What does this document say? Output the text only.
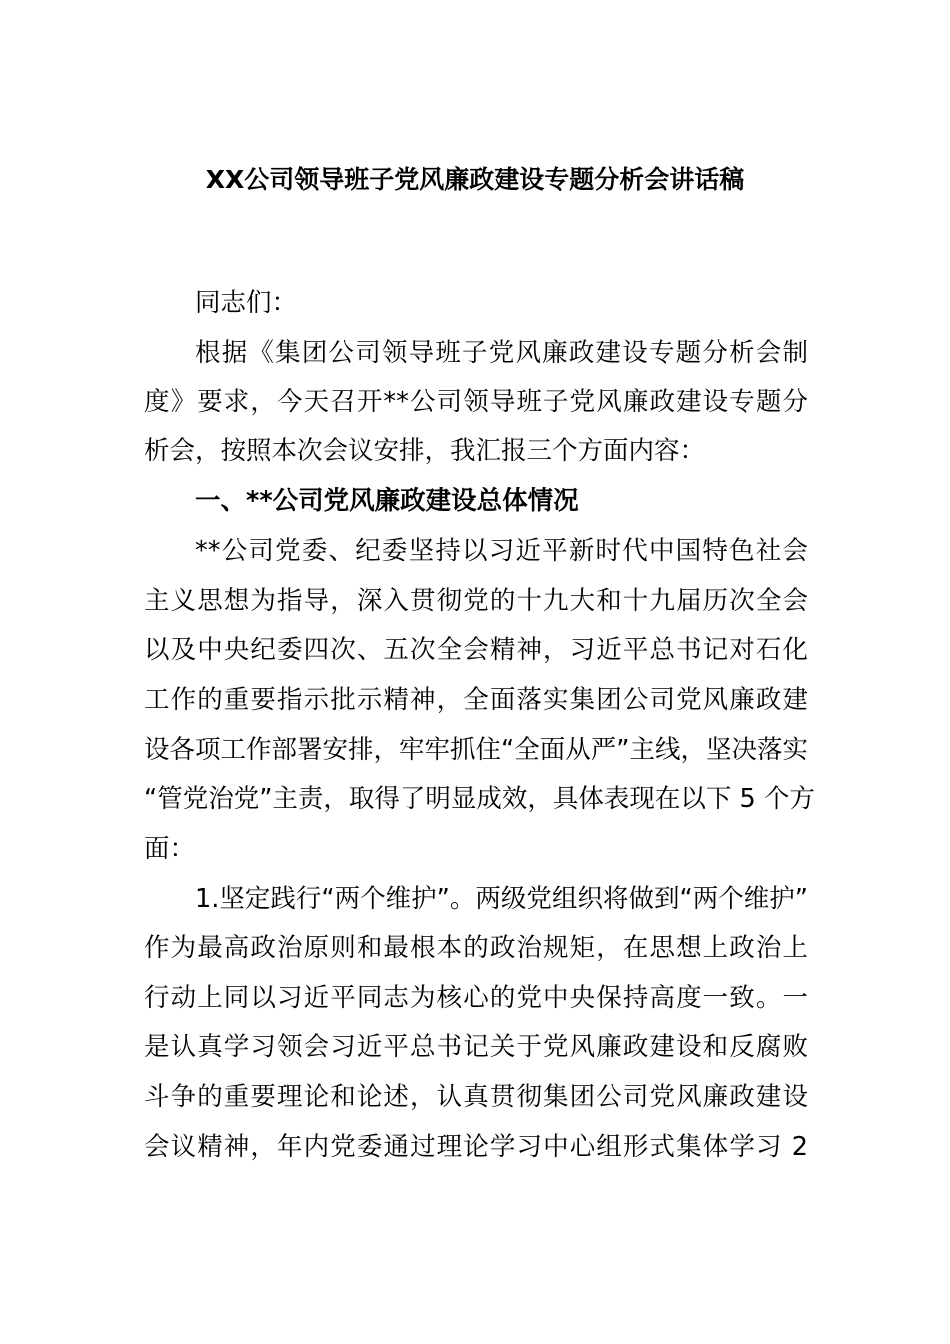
XX公司领导班子党风廉政建设专题分析会讲话稿
同志们：
根据《集团公司领导班子党风廉政建设专题分析会制
度》要求，今天召开**公司领导班子党风廉政建设专题分
析会，按照本次会议安排，我汇报三个方面内容：
一、**公司党风廉政建设总体情况
**公司党委、纪委坚持以习近平新时代中国特色社会
主义思想为指导，深入贯彻党的十九大和十九届历次全会
以及中央纪委四次、五次全会精神，习近平总书记对石化
工作的重要指示批示精神，全面落实集团公司党风廉政建
设各项工作部署安排，牢牢抓住“全面从严”主线，坚决落实
“管党治党”主责，取得了明显成效，具体表现在以下 5 个方
面：
1.坚定践行“两个维护”。两级党组织将做到“两个维护”
作为最高政治原则和最根本的政治规矩，在思想上政治上
行动上同以习近平同志为核心的党中央保持高度一致。一
是认真学习领会习近平总书记关于党风廉政建设和反腐败
斗争的重要理论和论述，认真贯彻集团公司党风廉政建设
会议精神，年内党委通过理论学习中心组形式集体学习 2
